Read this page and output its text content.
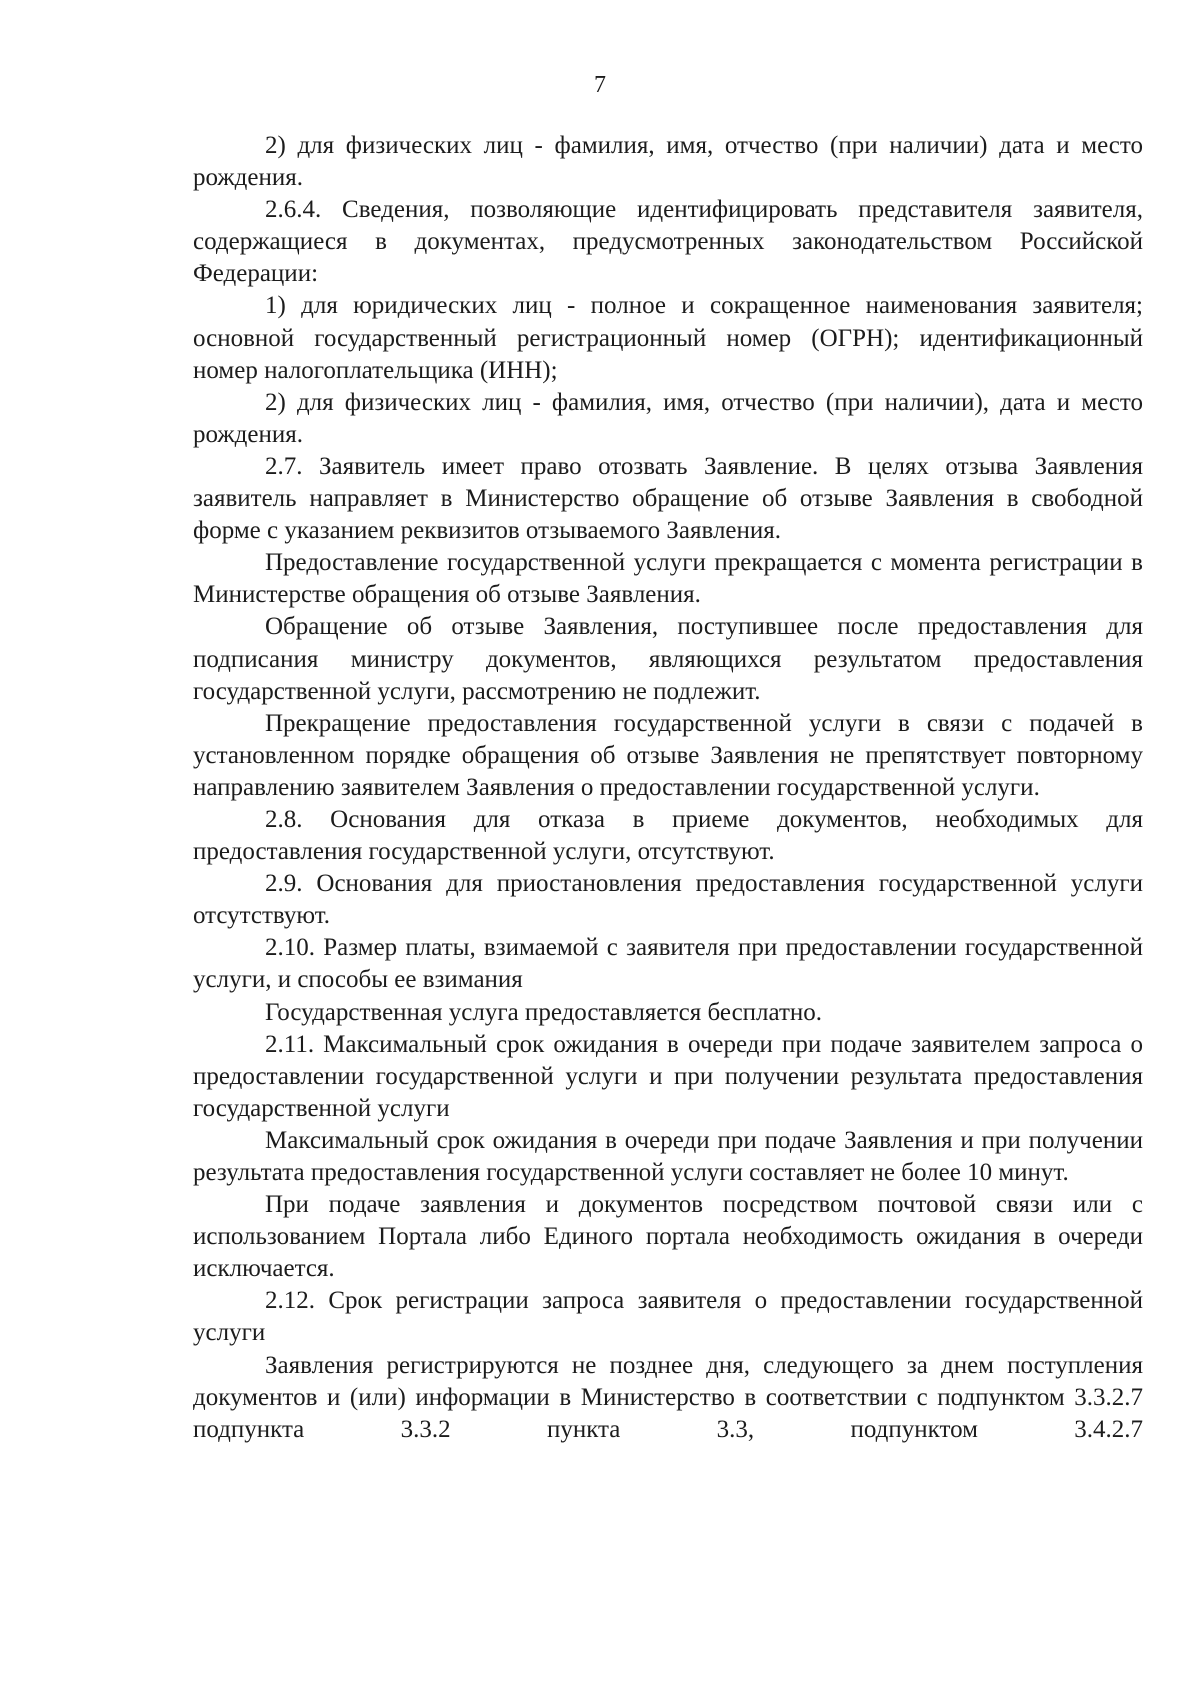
7

2) для физических лиц - фамилия, имя, отчество (при наличии) дата и место рождения.

2.6.4. Сведения, позволяющие идентифицировать представителя заявителя, содержащиеся в документах, предусмотренных законодательством Российской Федерации:

1) для юридических лиц - полное и сокращенное наименования заявителя; основной государственный регистрационный номер (ОГРН); идентификационный номер налогоплательщика (ИНН);

2) для физических лиц - фамилия, имя, отчество (при наличии), дата и место рождения.

2.7. Заявитель имеет право отозвать Заявление. В целях отзыва Заявления заявитель направляет в Министерство обращение об отзыве Заявления в свободной форме с указанием реквизитов отзываемого Заявления.

Предоставление государственной услуги прекращается с момента регистрации в Министерстве обращения об отзыве Заявления.

Обращение об отзыве Заявления, поступившее после предоставления для подписания министру документов, являющихся результатом предоставления государственной услуги, рассмотрению не подлежит.

Прекращение предоставления государственной услуги в связи с подачей в установленном порядке обращения об отзыве Заявления не препятствует повторному направлению заявителем Заявления о предоставлении государственной услуги.

2.8. Основания для отказа в приеме документов, необходимых для предоставления государственной услуги, отсутствуют.

2.9. Основания для приостановления предоставления государственной услуги отсутствуют.

2.10. Размер платы, взимаемой с заявителя при предоставлении государственной услуги, и способы ее взимания

Государственная услуга предоставляется бесплатно.

2.11. Максимальный срок ожидания в очереди при подаче заявителем запроса о предоставлении государственной услуги и при получении результата предоставления государственной услуги

Максимальный срок ожидания в очереди при подаче Заявления и при получении результата предоставления государственной услуги составляет не более 10 минут.

При подаче заявления и документов посредством почтовой связи или с использованием Портала либо Единого портала необходимость ожидания в очереди исключается.

2.12. Срок регистрации запроса заявителя о предоставлении государственной услуги

Заявления регистрируются не позднее дня, следующего за днем поступления документов и (или) информации в Министерство в соответствии с подпунктом 3.3.2.7 подпункта 3.3.2 пункта 3.3, подпунктом 3.4.2.7
